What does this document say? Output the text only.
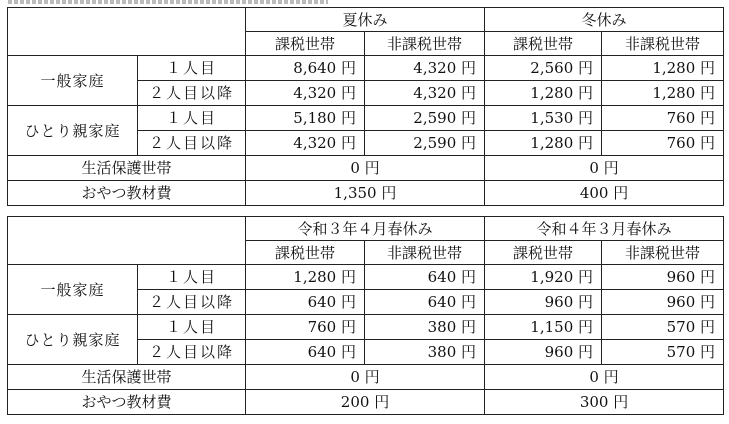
		夏休み		冬休み	
		課税世帯	非課税世帯	課税世帯	非課税世帯
一般家庭	１人目	8,640 円	4,320 円	2,560 円	1,280 円
	２人目以降	4,320 円	4,320 円	1,280 円	1,280 円
ひとり親家庭	１人目	5,180 円	2,590 円	1,530 円	760 円
	２人目以降	4,320 円	2,590 円	1,280 円	760 円
生活保護世帯		0 円		0 円	
おやつ教材費		1,350 円		400 円	
		令和３年４月春休み		令和４年３月春休み	
		課税世帯	非課税世帯	課税世帯	非課税世帯
一般家庭	１人目	1,280 円	640 円	1,920 円	960 円
	２人目以降	640 円	640 円	960 円	960 円
ひとり親家庭	１人目	760 円	380 円	1,150 円	570 円
	２人目以降	640 円	380 円	960 円	570 円
生活保護世帯		0 円		0 円	
おやつ教材費		200 円		300 円	
